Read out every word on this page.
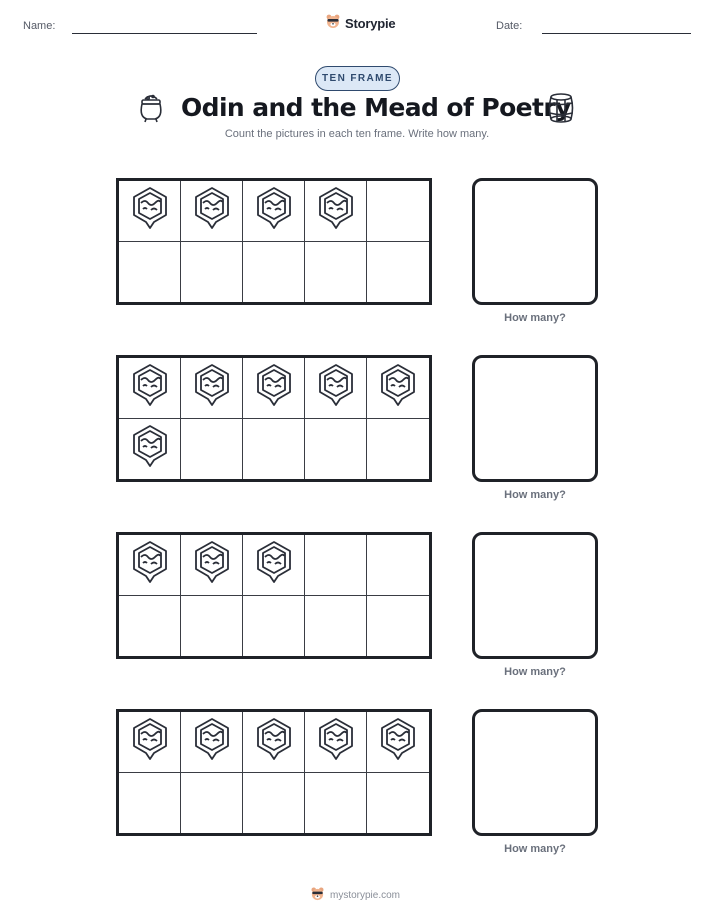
Name:	Storypie	Date:
TEN FRAME
Odin and the Mead of Poetry
Count the pictures in each ten frame. Write how many.
How many?
How many?
How many?
How many?
mystorypie.com
